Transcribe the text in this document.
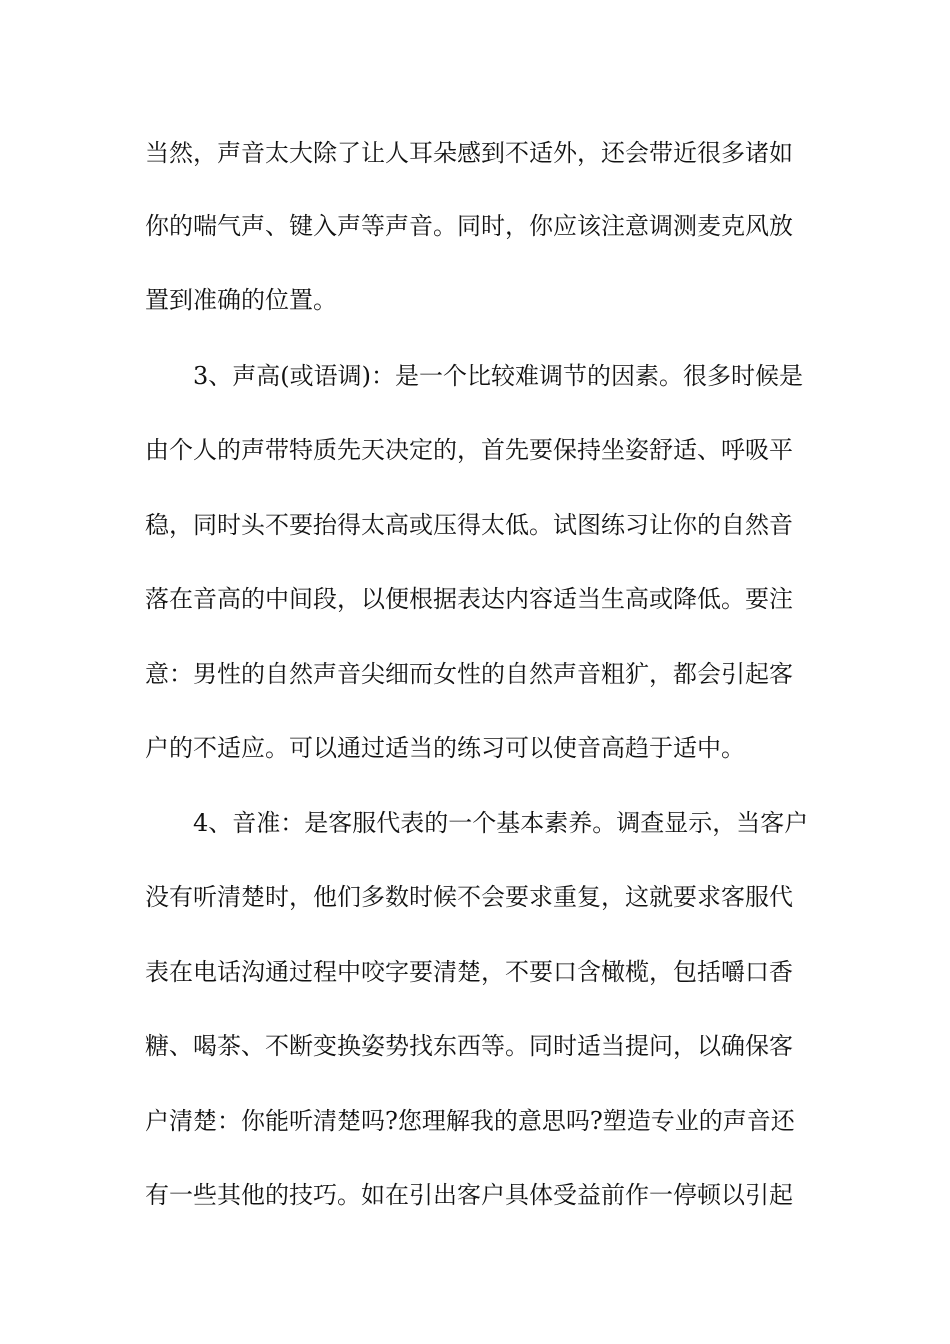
当然，声音太大除了让人耳朵感到不适外，还会带近很多诸如
你的喘气声、键入声等声音。同时，你应该注意调测麦克风放
置到准确的位置。
3、声高(或语调)：是一个比较难调节的因素。很多时候是
由个人的声带特质先天决定的，首先要保持坐姿舒适、呼吸平
稳，同时头不要抬得太高或压得太低。试图练习让你的自然音
落在音高的中间段，以便根据表达内容适当生高或降低。要注
意：男性的自然声音尖细而女性的自然声音粗犷，都会引起客
户的不适应。可以通过适当的练习可以使音高趋于适中。
4、音准：是客服代表的一个基本素养。调查显示，当客户
没有听清楚时，他们多数时候不会要求重复，这就要求客服代
表在电话沟通过程中咬字要清楚，不要口含橄榄，包括嚼口香
糖、喝茶、不断变换姿势找东西等。同时适当提问，以确保客
户清楚：你能听清楚吗?您理解我的意思吗?塑造专业的声音还
有一些其他的技巧。如在引出客户具体受益前作一停顿以引起
